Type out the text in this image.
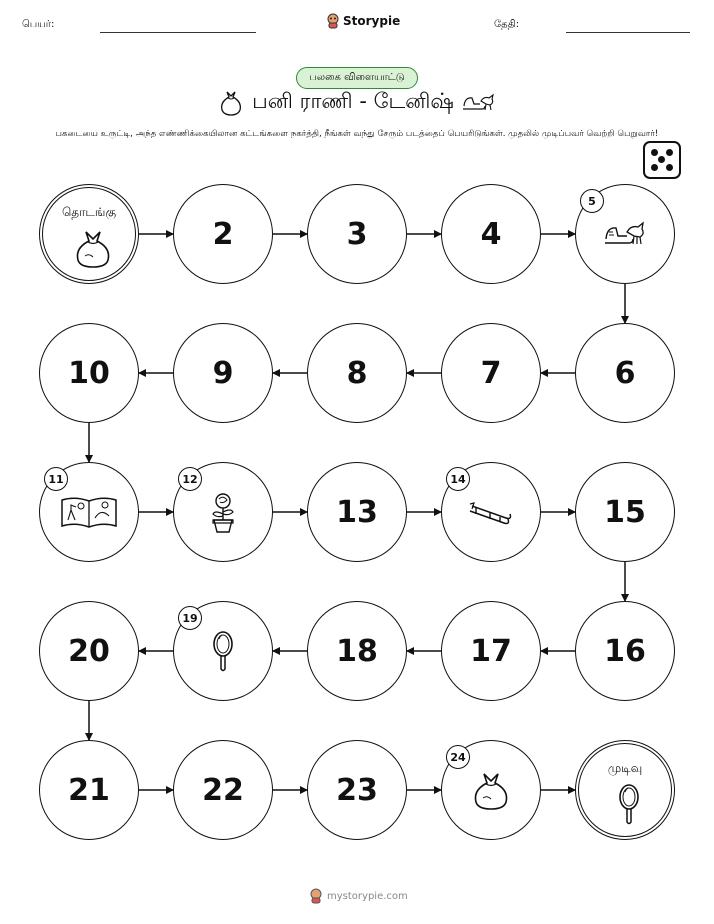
பெயர்:	Storypie	தேதி:
பலகை விளையாட்டு
பனி ராணி - டேனிஷ்
பகடையை உருட்டி, அந்த எண்ணிக்கையிலான கட்டங்களை நகர்த்தி, நீங்கள் வந்து சேரும் படத்தைப் பெயரிடுங்கள். முதலில் முடிப்பவர் வெற்றி பெறுவார்!
தொடங்கு
2	3	4
5
6
7
8
9
10
11	12
13
14
15
16
17
18
19
20
21	22	23
24
முடிவு
mystorypie.com
